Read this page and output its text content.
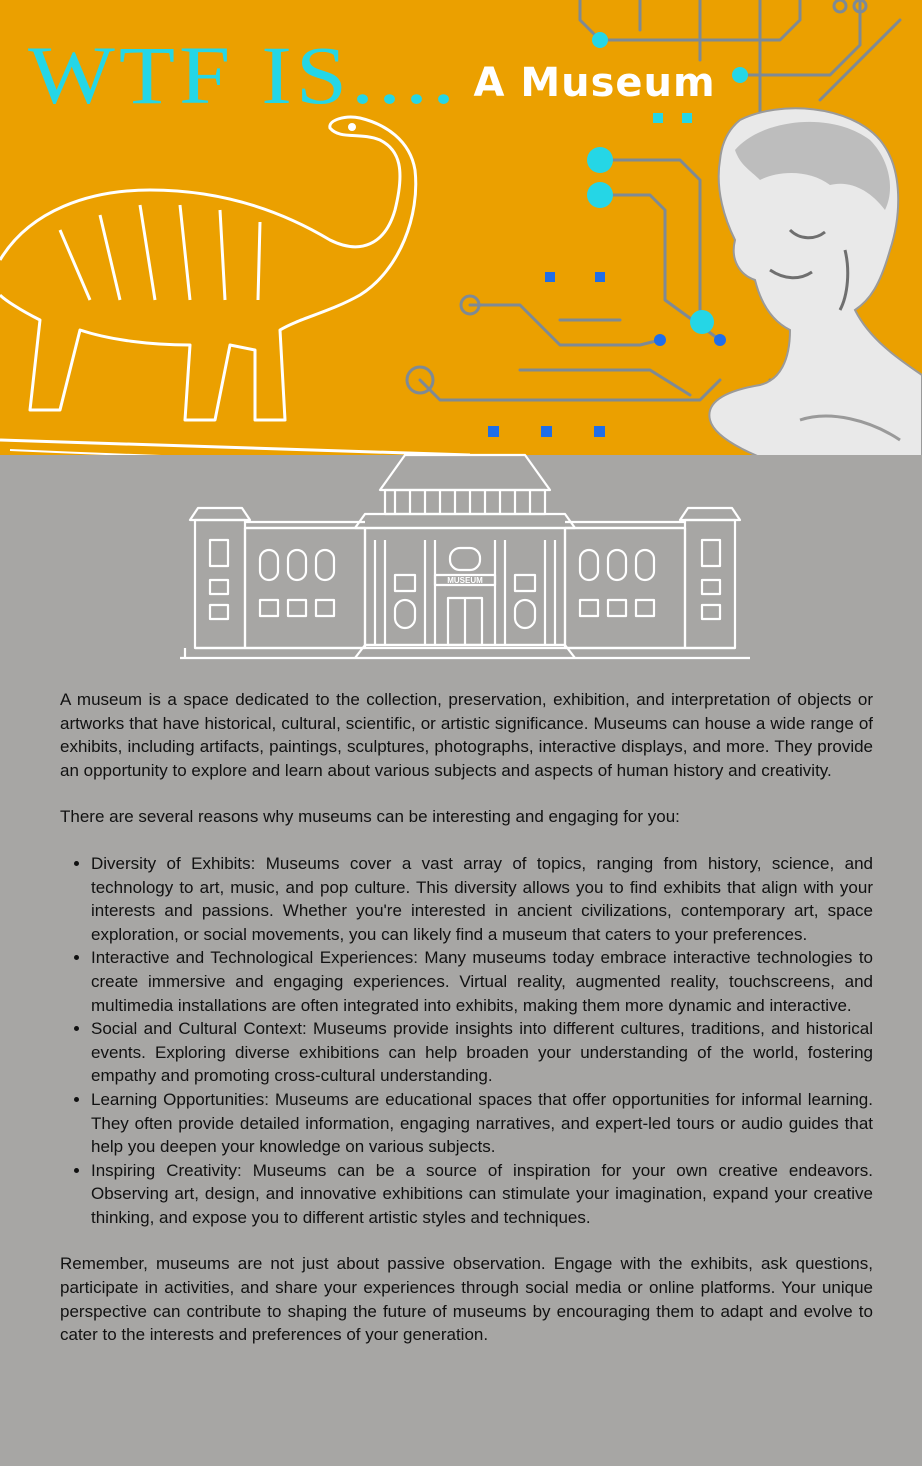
WTF IS.... A Museum
MUSEUM

A museum is a space dedicated to the collection, preservation, exhibition, and interpretation of objects or artworks that have historical, cultural, scientific, or artistic significance. Museums can house a wide range of exhibits, including artifacts, paintings, sculptures, photographs, interactive displays, and more. They provide an opportunity to explore and learn about various subjects and aspects of human history and creativity.

There are several reasons why museums can be interesting and engaging for you:

• Diversity of Exhibits: Museums cover a vast array of topics, ranging from history, science, and technology to art, music, and pop culture. This diversity allows you to find exhibits that align with your interests and passions. Whether you're interested in ancient civilizations, contemporary art, space exploration, or social movements, you can likely find a museum that caters to your preferences.
• Interactive and Technological Experiences: Many museums today embrace interactive technologies to create immersive and engaging experiences. Virtual reality, augmented reality, touchscreens, and multimedia installations are often integrated into exhibits, making them more dynamic and interactive.
• Social and Cultural Context: Museums provide insights into different cultures, traditions, and historical events. Exploring diverse exhibitions can help broaden your understanding of the world, fostering empathy and promoting cross-cultural understanding.
• Learning Opportunities: Museums are educational spaces that offer opportunities for informal learning. They often provide detailed information, engaging narratives, and expert-led tours or audio guides that help you deepen your knowledge on various subjects.
• Inspiring Creativity: Museums can be a source of inspiration for your own creative endeavors. Observing art, design, and innovative exhibitions can stimulate your imagination, expand your creative thinking, and expose you to different artistic styles and techniques.

Remember, museums are not just about passive observation. Engage with the exhibits, ask questions, participate in activities, and share your experiences through social media or online platforms. Your unique perspective can contribute to shaping the future of museums by encouraging them to adapt and evolve to cater to the interests and preferences of your generation.
